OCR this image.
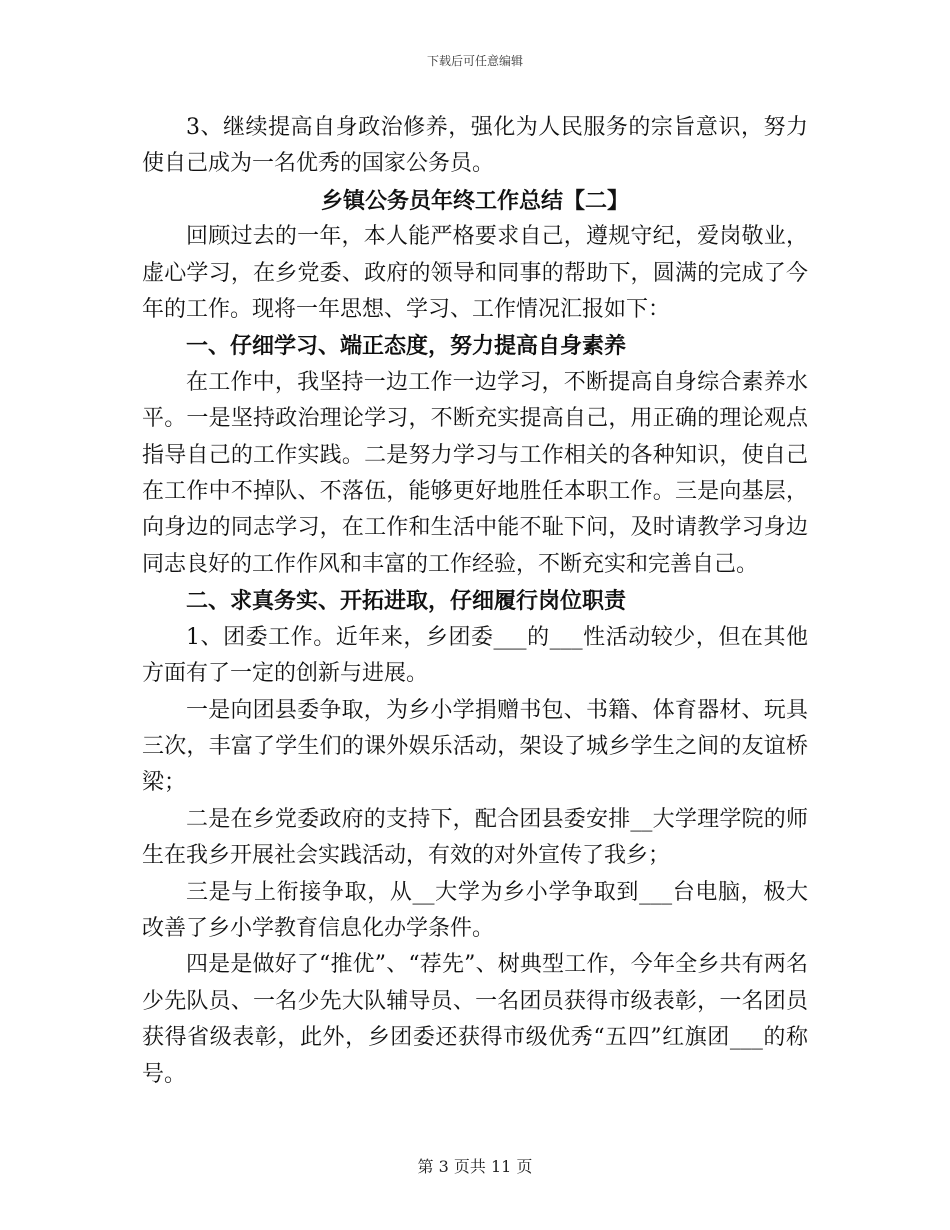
下载后可任意编辑

3、继续提高自身政治修养，强化为人民服务的宗旨意识，努力使自己成为一名优秀的国家公务员。

乡镇公务员年终工作总结【二】

回顾过去的一年，本人能严格要求自己，遵规守纪，爱岗敬业，虚心学习，在乡党委、政府的领导和同事的帮助下，圆满的完成了今年的工作。现将一年思想、学习、工作情况汇报如下：

一、仔细学习、端正态度，努力提高自身素养

在工作中，我坚持一边工作一边学习，不断提高自身综合素养水平。一是坚持政治理论学习，不断充实提高自己，用正确的理论观点指导自己的工作实践。二是努力学习与工作相关的各种知识，使自己在工作中不掉队、不落伍，能够更好地胜任本职工作。三是向基层，向身边的同志学习，在工作和生活中能不耻下问，及时请教学习身边同志良好的工作作风和丰富的工作经验，不断充实和完善自己。

二、求真务实、开拓进取，仔细履行岗位职责

1、团委工作。近年来，乡团委___的___性活动较少，但在其他方面有了一定的创新与进展。

一是向团县委争取，为乡小学捐赠书包、书籍、体育器材、玩具三次，丰富了学生们的课外娱乐活动，架设了城乡学生之间的友谊桥梁；

二是在乡党委政府的支持下，配合团县委安排__大学理学院的师生在我乡开展社会实践活动，有效的对外宣传了我乡；

三是与上衔接争取，从__大学为乡小学争取到___台电脑，极大改善了乡小学教育信息化办学条件。

四是是做好了“推优”、“荐先”、树典型工作，今年全乡共有两名少先队员、一名少先大队辅导员、一名团员获得市级表彰，一名团员获得省级表彰，此外，乡团委还获得市级优秀“五四”红旗团___的称号。

第 3 页共 11 页
